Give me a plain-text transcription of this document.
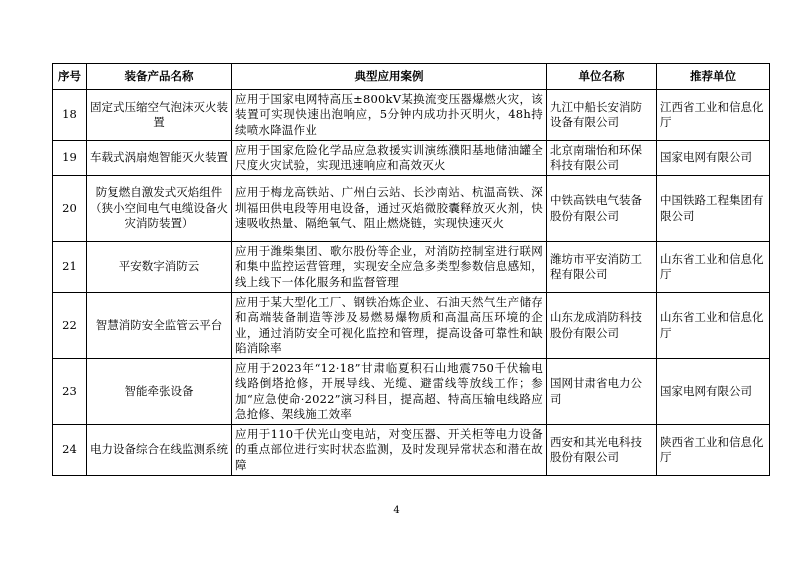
序号	装备产品名称	典型应用案例	单位名称	推荐单位
18	固定式压缩空气泡沫灭火装置	应用于国家电网特高压±800kV某换流变压器爆燃火灾，该装置可实现快速出泡响应，5分钟内成功扑灭明火，48h持续喷水降温作业	九江中船长安消防设备有限公司	江西省工业和信息化厅
19	车载式涡扇炮智能灭火装置	应用于国家危险化学品应急救援实训演练濮阳基地储油罐全尺度火灾试验，实现迅速响应和高效灭火	北京南瑞怡和环保科技有限公司	国家电网有限公司
20	防复燃自激发式灭焰组件（狭小空间电气电缆设备火灾消防装置）	应用于梅龙高铁站、广州白云站、长沙南站、杭温高铁、深圳福田供电段等用电设备，通过灭焰微胶囊释放灭火剂，快速吸收热量、隔绝氧气、阻止燃烧链，实现快速灭火	中铁高铁电气装备股份有限公司	中国铁路工程集团有限公司
21	平安数字消防云	应用于潍柴集团、歌尔股份等企业，对消防控制室进行联网和集中监控运营管理，实现安全应急多类型参数信息感知，线上线下一体化服务和监督管理	潍坊市平安消防工程有限公司	山东省工业和信息化厅
22	智慧消防安全监管云平台	应用于某大型化工厂、钢铁冶炼企业、石油天然气生产储存和高端装备制造等涉及易燃易爆物质和高温高压环境的企业，通过消防安全可视化监控和管理，提高设备可靠性和缺陷消除率	山东龙成消防科技股份有限公司	山东省工业和信息化厅
23	智能牵张设备	应用于2023年“12·18”甘肃临夏积石山地震750千伏输电线路倒塔抢修，开展导线、光缆、避雷线等放线工作；参加“应急使命·2022”演习科目，提高超、特高压输电线路应急抢修、架线施工效率	国网甘肃省电力公司	国家电网有限公司
24	电力设备综合在线监测系统	应用于110千伏光山变电站，对变压器、开关柜等电力设备的重点部位进行实时状态监测，及时发现异常状态和潜在故障	西安和其光电科技股份有限公司	陕西省工业和信息化厅
4
